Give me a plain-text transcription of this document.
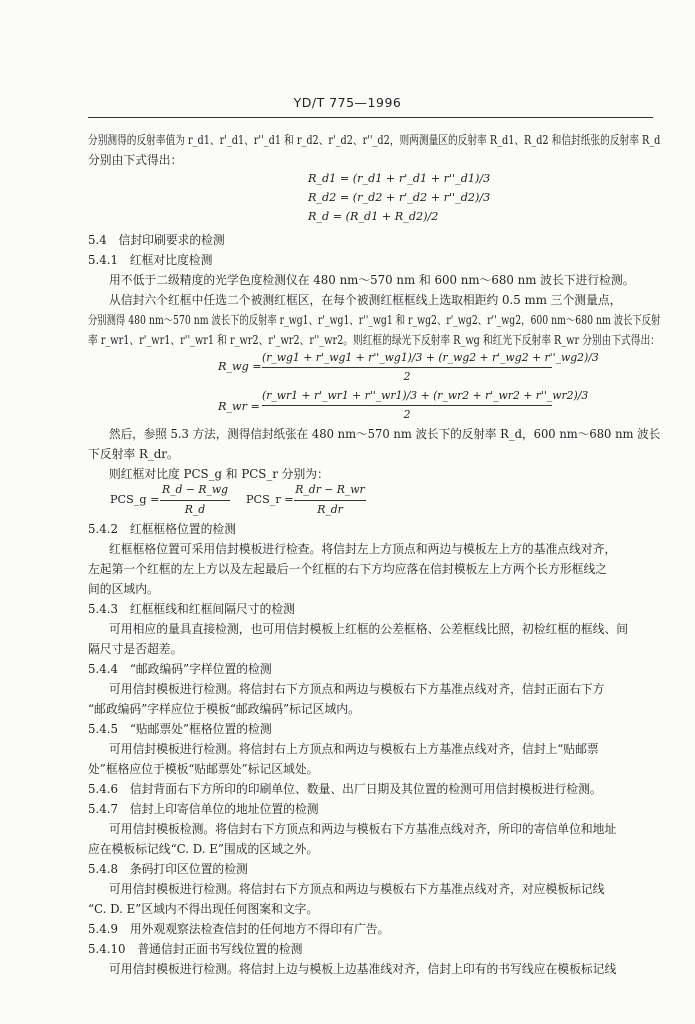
YD/T 775—1996
分别测得的反射率值为 r_d1、r'_d1、r''_d1 和 r_d2、r'_d2、r''_d2，则两测量区的反射率 R_d1、R_d2 和信封纸张的反射率 R_d
分别由下式得出：
R_d1 = (r_d1 + r'_d1 + r''_d1)/3
R_d2 = (r_d2 + r'_d2 + r''_d2)/3
R_d = (R_d1 + R_d2)/2
5.4　信封印刷要求的检测
5.4.1　红框对比度检测
用不低于二级精度的光学色度检测仪在 480 nm～570 nm 和 600 nm～680 nm 波长下进行检测。
从信封六个红框中任选二个被测红框区，在每个被测红框框线上选取相距约 0.5 mm 三个测量点，
分别测得 480 nm～570 nm 波长下的反射率 r_wg1、r'_wg1、r''_wg1 和 r_wg2、r'_wg2、r''_wg2，600 nm～680 nm 波长下反射
率 r_wr1、r'_wr1、r''_wr1 和 r_wr2、r'_wr2、r''_wr2。则红框的绿光下反射率 R_wg 和红光下反射率 R_wr 分别由下式得出：
R_wg =
(r_wg1 + r'_wg1 + r''_wg1)/3 + (r_wg2 + r'_wg2 + r''_wg2)/3
2
R_wr =
(r_wr1 + r'_wr1 + r''_wr1)/3 + (r_wr2 + r'_wr2 + r''_wr2)/3
2
然后，参照 5.3 方法，测得信封纸张在 480 nm～570 nm 波长下的反射率 R_d，600 nm～680 nm 波长
下反射率 R_dr。
则红框对比度 PCS_g 和 PCS_r 分别为：
PCS_g =
R_d − R_wg
R_d
PCS_r =
R_dr − R_wr
R_dr
5.4.2　红框框格位置的检测
红框框格位置可采用信封模板进行检查。将信封左上方顶点和两边与模板左上方的基准点线对齐，
左起第一个红框的左上方以及左起最后一个红框的右下方均应落在信封模板左上方两个长方形框线之
间的区域内。
5.4.3　红框框线和红框间隔尺寸的检测
可用相应的量具直接检测，也可用信封模板上红框的公差框格、公差框线比照，初检红框的框线、间
隔尺寸是否超差。
5.4.4　“邮政编码”字样位置的检测
可用信封模板进行检测。将信封右下方顶点和两边与模板右下方基准点线对齐，信封正面右下方
“邮政编码”字样应位于模板“邮政编码”标记区域内。
5.4.5　“贴邮票处”框格位置的检测
可用信封模板进行检测。将信封右上方顶点和两边与模板右上方基准点线对齐，信封上“贴邮票
处”框格应位于模板“贴邮票处”标记区域处。
5.4.6　信封背面右下方所印的印刷单位、数量、出厂日期及其位置的检测可用信封模板进行检测。
5.4.7　信封上印寄信单位的地址位置的检测
可用信封模板检测。将信封右下方顶点和两边与模板右下方基准点线对齐，所印的寄信单位和地址
应在模板标记线“C. D. E”围成的区域之外。
5.4.8　条码打印区位置的检测
可用信封模板进行检测。将信封右下方顶点和两边与模板右下方基准点线对齐，对应模板标记线
“C. D. E”区域内不得出现任何图案和文字。
5.4.9　用外观观察法检查信封的任何地方不得印有广告。
5.4.10　普通信封正面书写线位置的检测
可用信封模板进行检测。将信封上边与模板上边基准线对齐，信封上印有的书写线应在模板标记线
